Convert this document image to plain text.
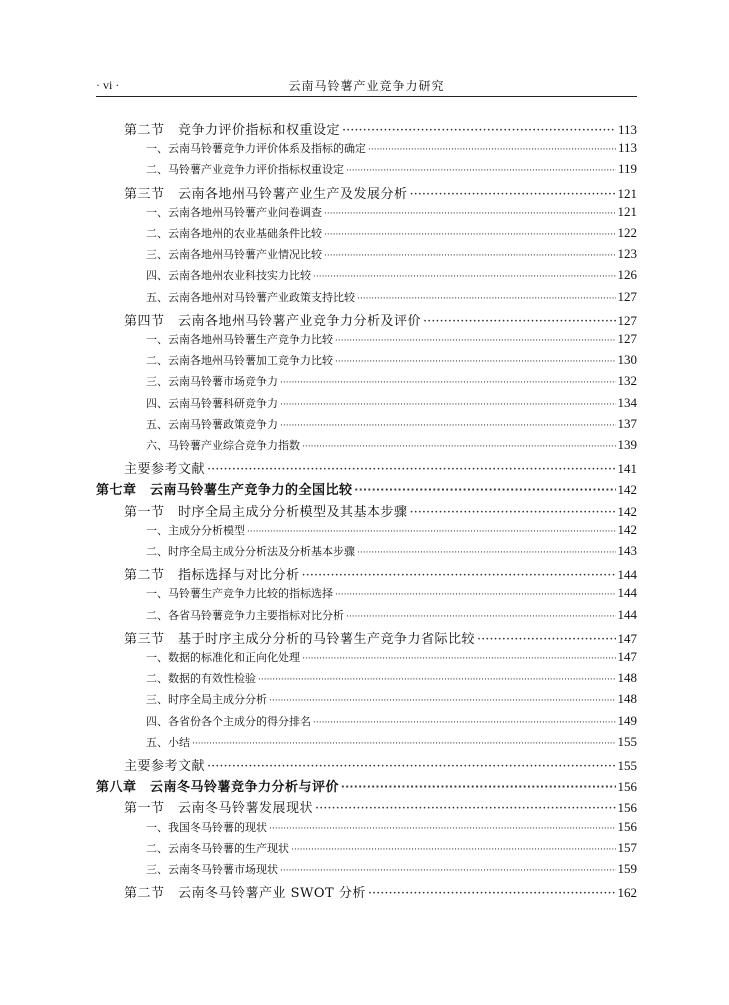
· vi ·	云南马铃薯产业竞争力研究
第二节　竞争力评价指标和权重设定 ·····	113
一、云南马铃薯竞争力评价体系及指标的确定 ·····	113
二、马铃薯产业竞争力评价指标权重设定 ·····	119
第三节　云南各地州马铃薯产业生产及发展分析 ·····	121
一、云南各地州马铃薯产业问卷调查 ·····	121
二、云南各地州的农业基础条件比较 ·····	122
三、云南各地州马铃薯产业情况比较 ·····	123
四、云南各地州农业科技实力比较 ·····	126
五、云南各地州对马铃薯产业政策支持比较 ·····	127
第四节　云南各地州马铃薯产业竞争力分析及评价 ·····	127
一、云南各地州马铃薯生产竞争力比较 ·····	127
二、云南各地州马铃薯加工竞争力比较 ·····	130
三、云南马铃薯市场竞争力 ·····	132
四、云南马铃薯科研竞争力 ·····	134
五、云南马铃薯政策竞争力 ·····	137
六、马铃薯产业综合竞争力指数 ·····	139
主要参考文献 ·····	141
第七章　云南马铃薯生产竞争力的全国比较 ·····	142
第一节　时序全局主成分分析模型及其基本步骤 ·····	142
一、主成分分析模型 ·····	142
二、时序全局主成分分析法及分析基本步骤 ·····	143
第二节　指标选择与对比分析 ·····	144
一、马铃薯生产竞争力比较的指标选择 ·····	144
二、各省马铃薯竞争力主要指标对比分析 ·····	144
第三节　基于时序主成分分析的马铃薯生产竞争力省际比较 ·····	147
一、数据的标准化和正向化处理 ·····	147
二、数据的有效性检验 ·····	148
三、时序全局主成分分析 ·····	148
四、各省份各个主成分的得分排名 ·····	149
五、小结 ·····	155
主要参考文献 ·····	155
第八章　云南冬马铃薯竞争力分析与评价 ·····	156
第一节　云南冬马铃薯发展现状 ·····	156
一、我国冬马铃薯的现状 ·····	156
二、云南冬马铃薯的生产现状 ·····	157
三、云南冬马铃薯市场现状 ·····	159
第二节　云南冬马铃薯产业 SWOT 分析 ·····	162
